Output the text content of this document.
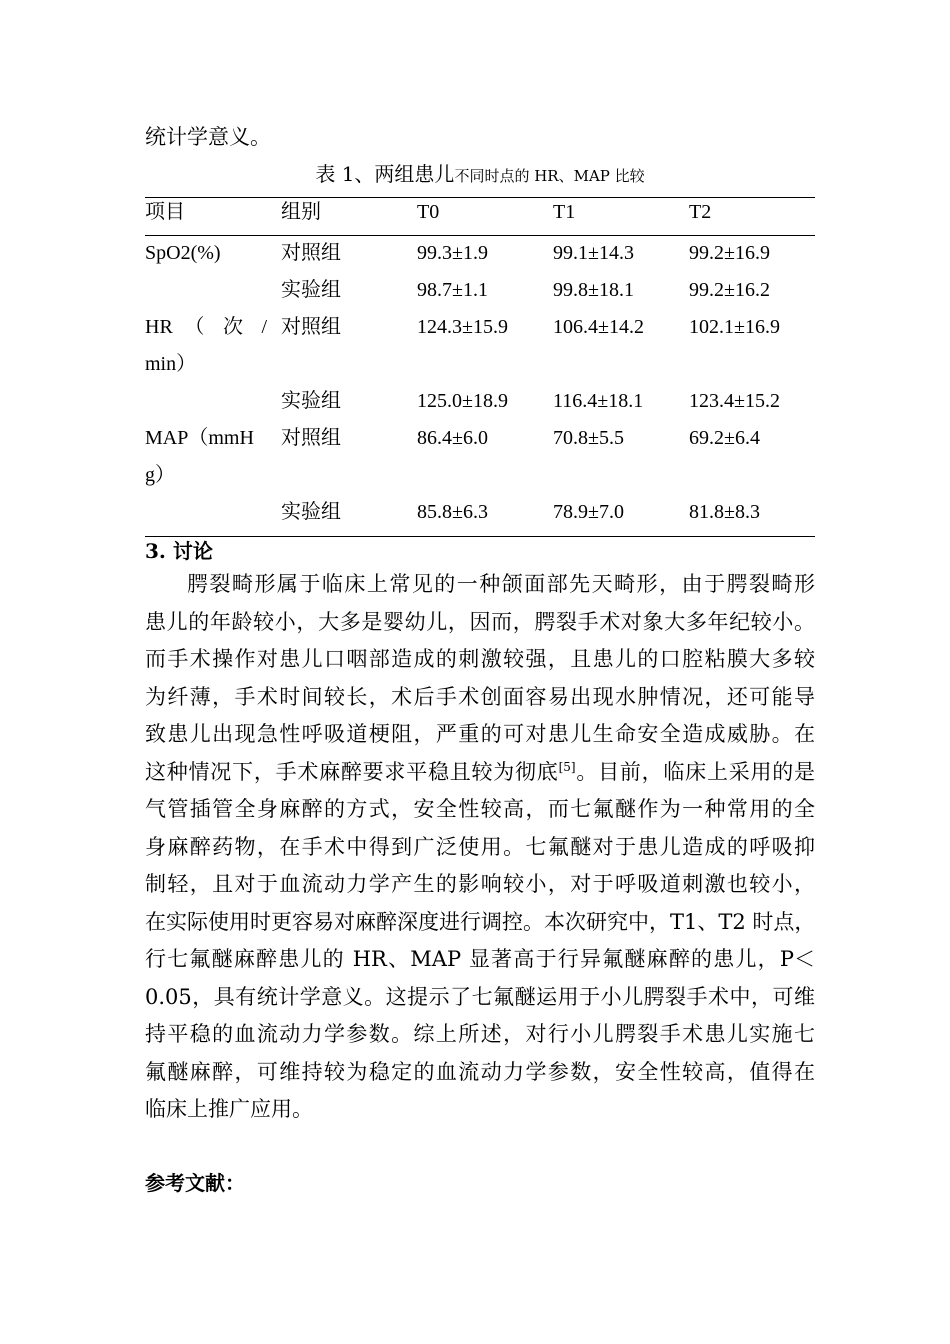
统计学意义。
表 1、两组患儿不同时点的 HR、MAP 比较
项目	组别	T0	T1	T2
SpO2(%)	对照组	99.3±1.9	99.1±14.3	99.2±16.9
	实验组	98.7±1.1	99.8±18.1	99.2±16.2

HR （ 次 /
min）	对照组	124.3±15.9	106.4±14.2	102.1±16.9
	实验组	125.0±18.9	116.4±18.1	123.4±15.2

MAP（mmH
g）	对照组	86.4±6.0	70.8±5.5	69.2±6.4
	实验组	85.8±6.3	78.9±7.0	81.8±8.3
3. 讨论
腭裂畸形属于临床上常见的一种颌面部先天畸形，由于腭裂畸形
患儿的年龄较小，大多是婴幼儿，因而，腭裂手术对象大多年纪较小。
而手术操作对患儿口咽部造成的刺激较强，且患儿的口腔粘膜大多较
为纤薄，手术时间较长，术后手术创面容易出现水肿情况，还可能导
致患儿出现急性呼吸道梗阻，严重的可对患儿生命安全造成威胁。在
这种情况下，手术麻醉要求平稳且较为彻底[5]。目前，临床上采用的是
气管插管全身麻醉的方式，安全性较高，而七氟醚作为一种常用的全
身麻醉药物，在手术中得到广泛使用。七氟醚对于患儿造成的呼吸抑
制轻，且对于血流动力学产生的影响较小，对于呼吸道刺激也较小，
在实际使用时更容易对麻醉深度进行调控。本次研究中，T1、T2 时点，
行七氟醚麻醉患儿的 HR、MAP 显著高于行异氟醚麻醉的患儿，P＜
0.05，具有统计学意义。这提示了七氟醚运用于小儿腭裂手术中，可维
持平稳的血流动力学参数。综上所述，对行小儿腭裂手术患儿实施七
氟醚麻醉，可维持较为稳定的血流动力学参数，安全性较高，值得在
临床上推广应用。
参考文献：
